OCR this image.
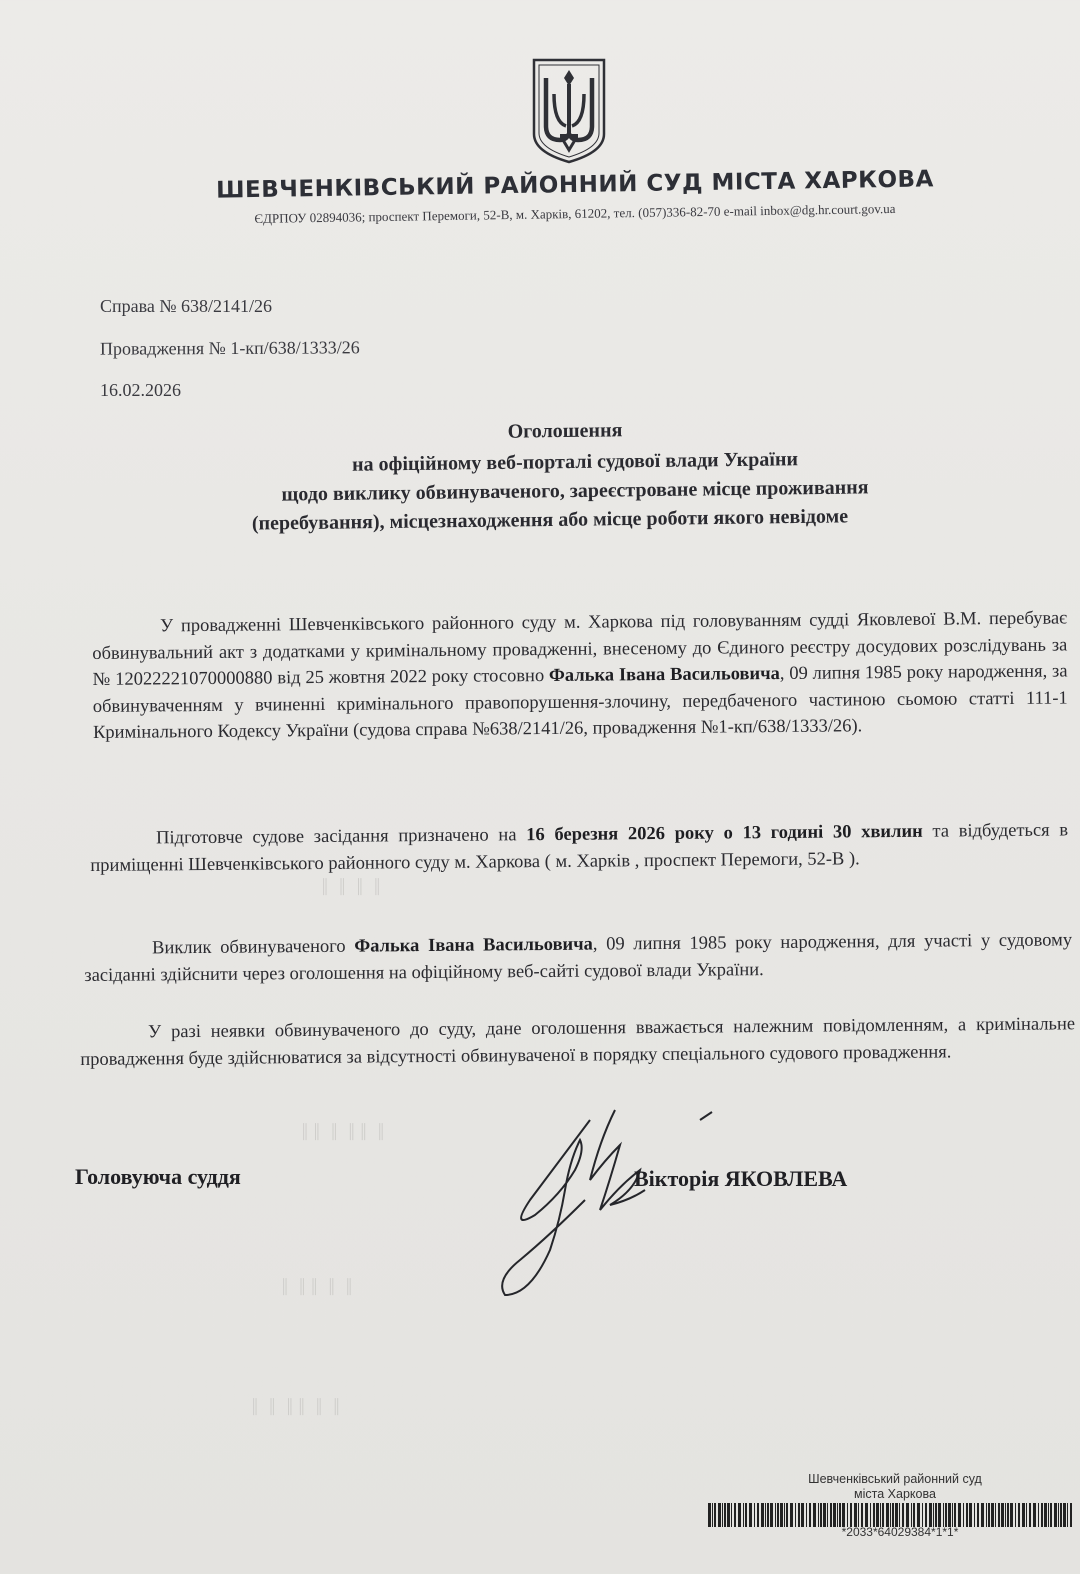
ШЕВЧЕНКІВСЬКИЙ РАЙОННИЙ СУД МІСТА ХАРКОВА
ЄДРПОУ 02894036; проспект Перемоги, 52-В, м. Харків, 61202, тел. (057)336-82-70 e-mail inbox@dg.hr.court.gov.ua
Справа № 638/2141/26
Провадження № 1-кп/638/1333/26
16.02.2026
Оголошення
на офіційному веб-порталі судової влади України
щодо виклику обвинуваченого, зареєстроване місце проживання
(перебування), місцезнаходження або місце роботи якого невідоме
У провадженні Шевченківського районного суду м. Харкова під головуванням судді Яковлевої В.М. перебуває обвинувальний акт з додатками у кримінальному провадженні, внесеному до Єдиного реєстру досудових розслідувань за № 12022221070000880 від 25 жовтня 2022 року стосовно Фалька Івана Васильовича, 09 липня 1985 року народження, за обвинуваченням у вчиненні кримінального правопорушення-злочину, передбаченого частиною сьомою статті 111-1 Кримінального Кодексу України (судова справа №638/2141/26, провадження №1-кп/638/1333/26).
Підготовче судове засідання призначено на 16 березня 2026 року о 13 годині 30 хвилин та відбудеться в приміщенні Шевченківського районного суду м. Харкова ( м. Харків , проспект Перемоги, 52-В ).
Виклик обвинуваченого Фалька Івана Васильовича, 09 липня 1985 року народження, для участі у судовому засіданні здійснити через оголошення на офіційному веб-сайті судової влади України.
У разі неявки обвинуваченого до суду, дане оголошення вважається належним повідомленням, а кримінальне провадження буде здійснюватися за відсутності обвинуваченої в порядку спеціального судового провадження.
║ ║ ║ ║
║║ ║ ║║ ║
║ ║║ ║ ║
║ ║ ║║ ║ ║
Головуюча суддя	Вікторія ЯКОВЛЕВА
Шевченківський районний суд
міста Харкова
*2033*64029384*1*1*
